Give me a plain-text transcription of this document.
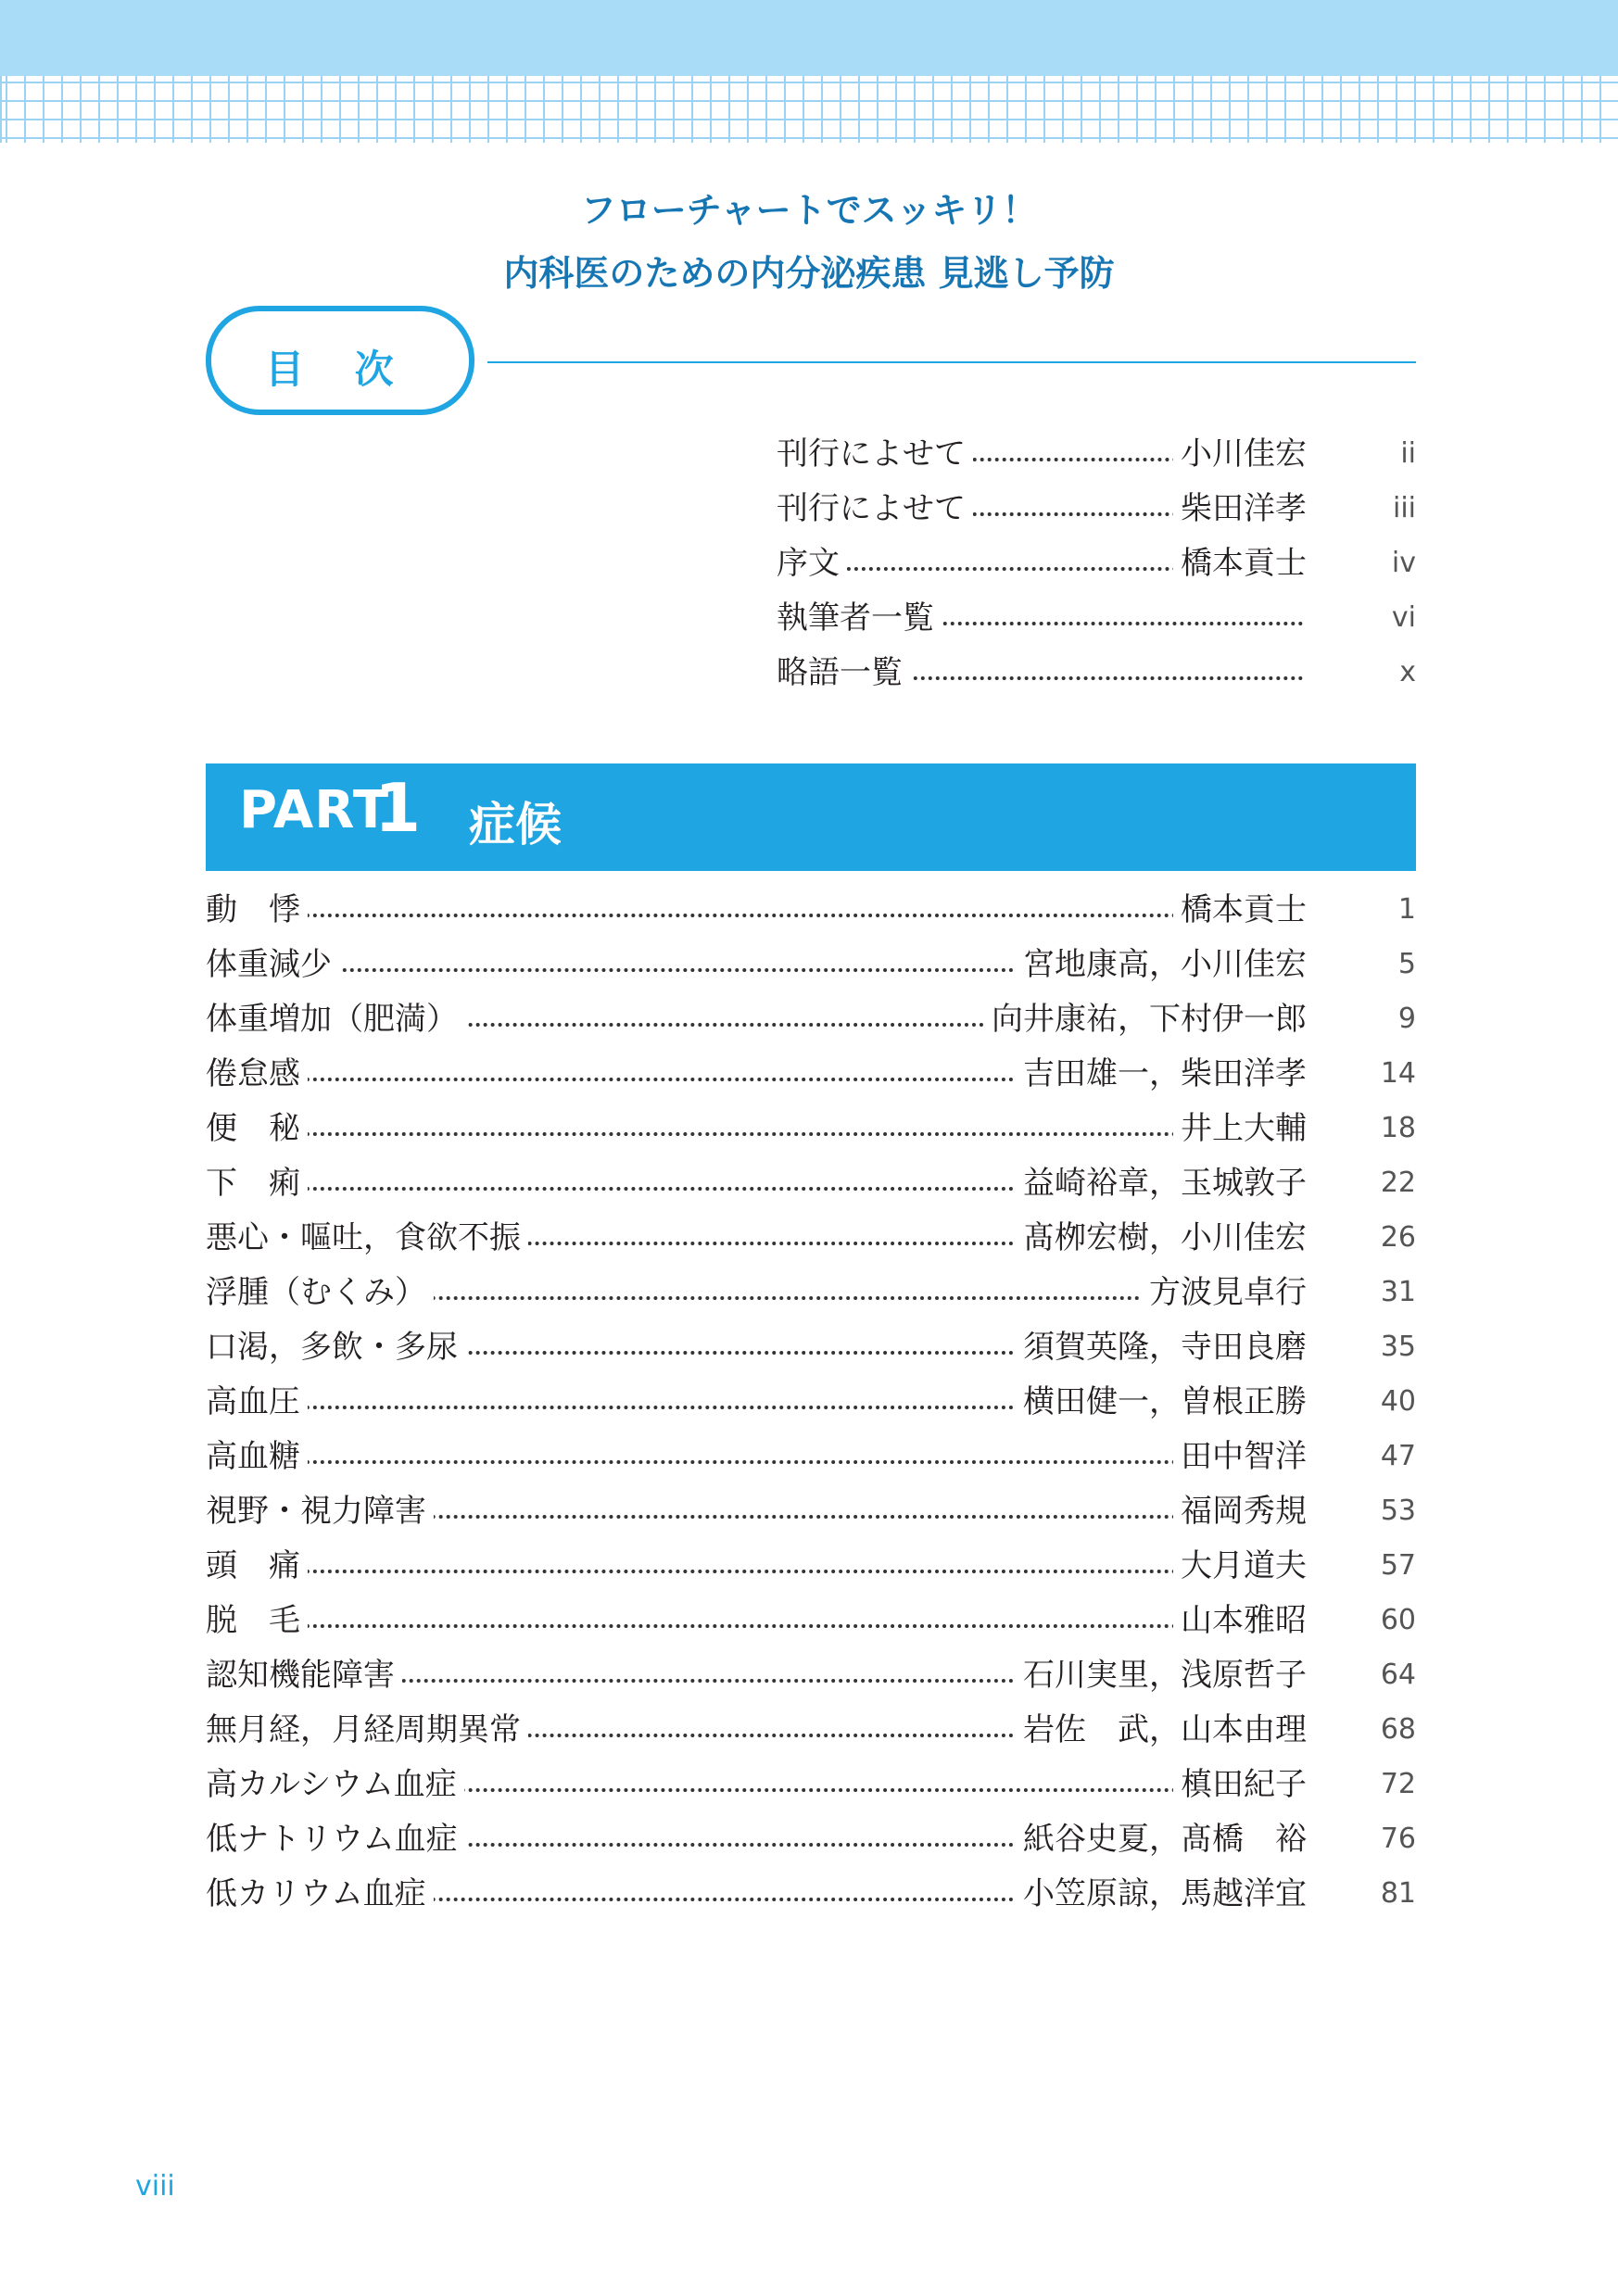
フローチャートでスッキリ！
内科医のための内分泌疾患 見逃し予防
目 次
刊行によせて	小川佳宏	ii
刊行によせて	柴田洋孝	iii
序文	橋本貢士	iv
執筆者一覧	vi
略語一覧	x
PART
1 症候
動　悸	橋本貢士	1
体重減少	宮地康高，小川佳宏	5
体重増加（肥満）	向井康祐，下村伊一郎	9
倦怠感	吉田雄一，柴田洋孝	14
便　秘	井上大輔	18
下　痢	益崎裕章，玉城敦子	22
悪心・嘔吐，食欲不振	髙栁宏樹，小川佳宏	26
浮腫（むくみ）	方波見卓行	31
口渇，多飲・多尿	須賀英隆，寺田良磨	35
高血圧	横田健一，曽根正勝	40
高血糖	田中智洋	47
視野・視力障害	福岡秀規	53
頭　痛	大月道夫	57
脱　毛	山本雅昭	60
認知機能障害	石川実里，浅原哲子	64
無月経，月経周期異常	岩佐　武，山本由理	68
高カルシウム血症	槙田紀子	72
低ナトリウム血症	紙谷史夏，髙橋　裕	76
低カリウム血症	小笠原諒，馬越洋宜	81
viii
